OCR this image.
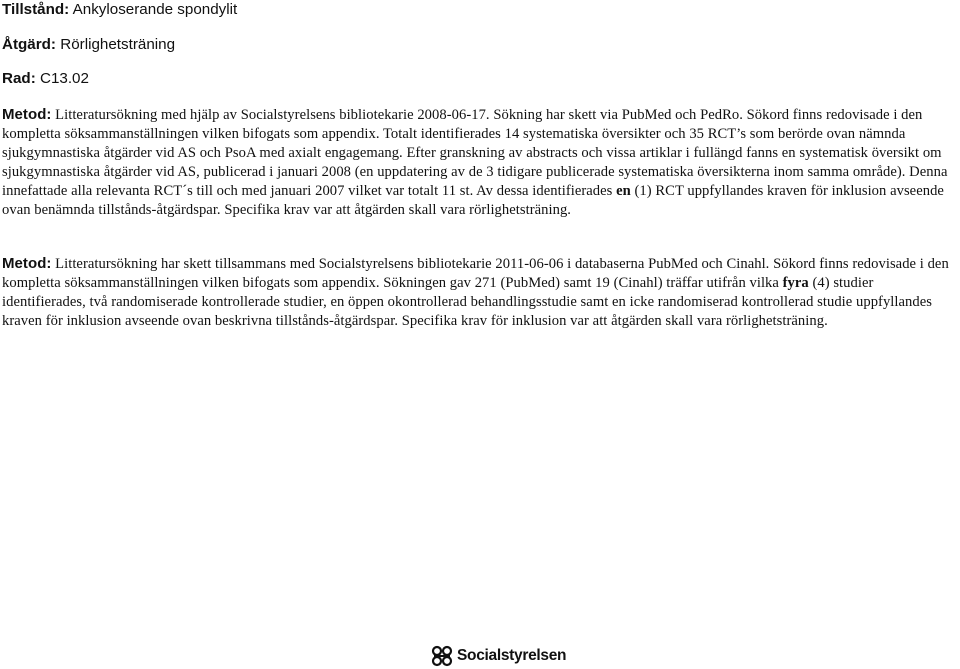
Tillstånd: Ankyloserande spondylit

Åtgärd: Rörlighetsträning

Rad: C13.02

Metod: Litteratursökning med hjälp av Socialstyrelsens bibliotekarie 2008-06-17. Sökning har skett via PubMed och PedRo. Sökord finns redovisade i den kompletta söksammanställningen vilken bifogats som appendix. Totalt identifierades 14 systematiska översikter och 35 RCT’s som berörde ovan nämnda sjukgymnastiska åtgärder vid AS och PsoA med axialt engagemang. Efter granskning av abstracts och vissa artiklar i fullängd fanns en systematisk översikt om sjukgymnastiska åtgärder vid AS, publicerad i januari 2008 (en uppdatering av de 3 tidigare publicerade systematiska översikterna inom samma område). Denna innefattade alla relevanta RCT´s till och med januari 2007 vilket var totalt 11 st. Av dessa identifierades en (1) RCT uppfyllandes kraven för inklusion avseende ovan benämnda tillstånds-åtgärdspar. Specifika krav var att åtgärden skall vara rörlighetsträning.

Metod: Litteratursökning har skett tillsammans med Socialstyrelsens bibliotekarie 2011-06-06 i databaserna PubMed och Cinahl. Sökord finns redovisade i den kompletta söksammanställningen vilken bifogats som appendix. Sökningen gav 271 (PubMed) samt 19 (Cinahl) träffar utifrån vilka fyra (4) studier identifierades, två randomiserade kontrollerade studier, en öppen okontrollerad behandlingsstudie samt en icke randomiserad kontrollerad studie uppfyllandes kraven för inklusion avseende ovan beskrivna tillstånds-åtgärdspar. Specifika krav för inklusion var att åtgärden skall vara rörlighetsträning.

Socialstyrelsen
